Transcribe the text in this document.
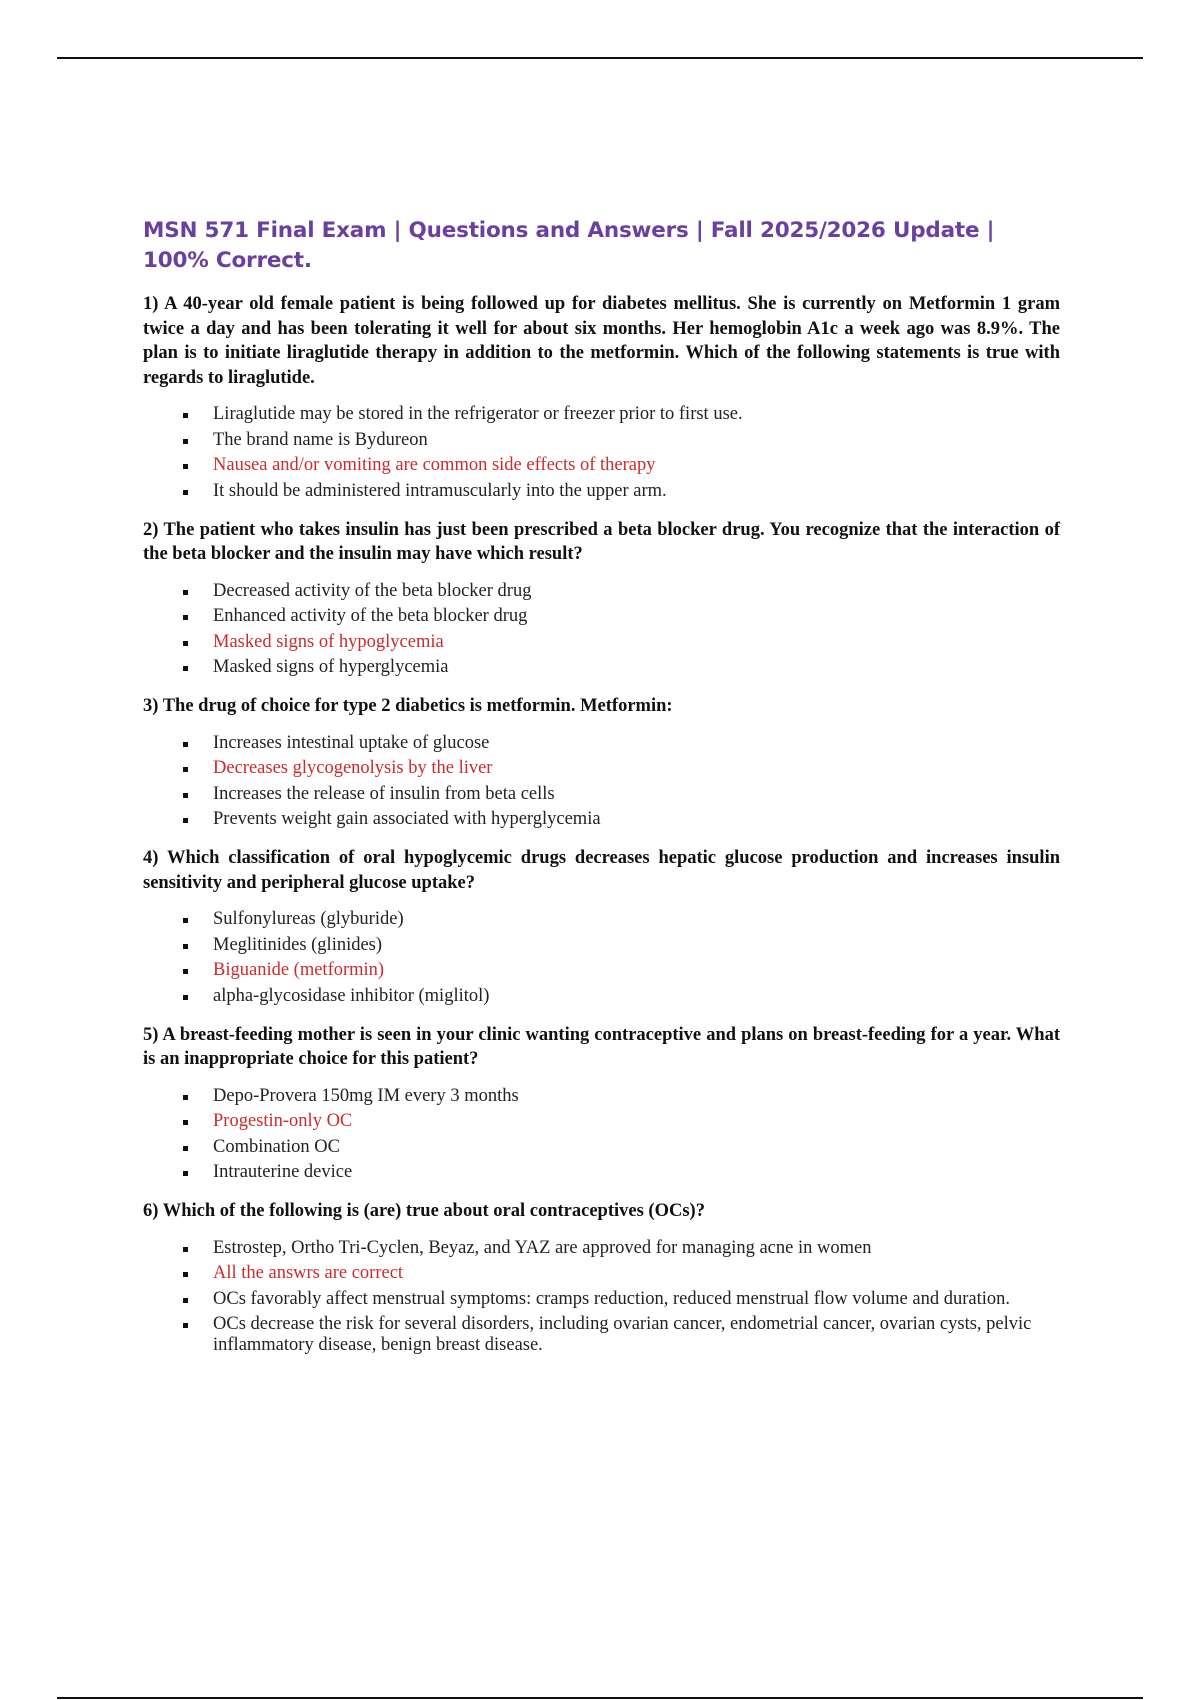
MSN 571 Final Exam | Questions and Answers | Fall 2025/2026 Update | 100% Correct.

1) A 40-year old female patient is being followed up for diabetes mellitus. She is currently on Metformin 1 gram twice a day and has been tolerating it well for about six months. Her hemoglobin A1c a week ago was 8.9%. The plan is to initiate liraglutide therapy in addition to the metformin. Which of the following statements is true with regards to liraglutide.

Liraglutide may be stored in the refrigerator or freezer prior to first use.
The brand name is Bydureon
Nausea and/or vomiting are common side effects of therapy
It should be administered intramuscularly into the upper arm.

2) The patient who takes insulin has just been prescribed a beta blocker drug. You recognize that the interaction of the beta blocker and the insulin may have which result?

Decreased activity of the beta blocker drug
Enhanced activity of the beta blocker drug
Masked signs of hypoglycemia
Masked signs of hyperglycemia

3) The drug of choice for type 2 diabetics is metformin. Metformin:

Increases intestinal uptake of glucose
Decreases glycogenolysis by the liver
Increases the release of insulin from beta cells
Prevents weight gain associated with hyperglycemia

4) Which classification of oral hypoglycemic drugs decreases hepatic glucose production and increases insulin sensitivity and peripheral glucose uptake?

Sulfonylureas (glyburide)
Meglitinides (glinides)
Biguanide (metformin)
alpha-glycosidase inhibitor (miglitol)

5) A breast-feeding mother is seen in your clinic wanting contraceptive and plans on breast-feeding for a year. What is an inappropriate choice for this patient?

Depo-Provera 150mg IM every 3 months
Progestin-only OC
Combination OC
Intrauterine device

6) Which of the following is (are) true about oral contraceptives (OCs)?

Estrostep, Ortho Tri-Cyclen, Beyaz, and YAZ are approved for managing acne in women
All the answrs are correct
OCs favorably affect menstrual symptoms: cramps reduction, reduced menstrual flow volume and duration.
OCs decrease the risk for several disorders, including ovarian cancer, endometrial cancer, ovarian cysts, pelvic inflammatory disease, benign breast disease.
